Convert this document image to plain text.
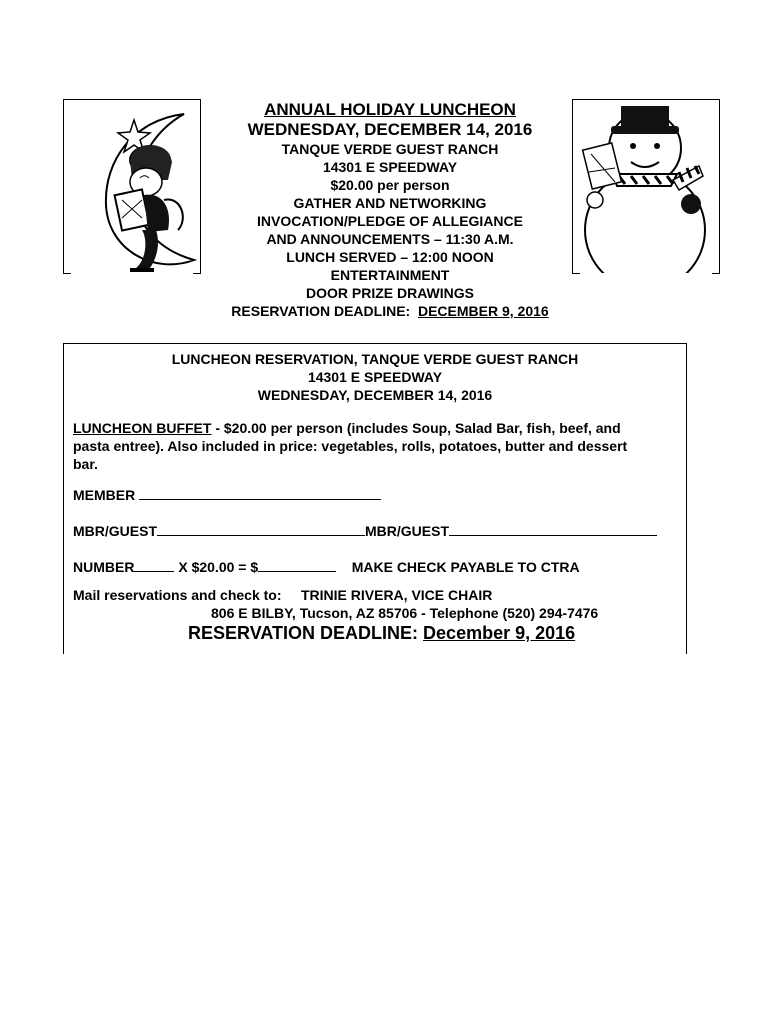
ANNUAL HOLIDAY LUNCHEON
WEDNESDAY, DECEMBER 14, 2016
TANQUE VERDE GUEST RANCH
14301 E SPEEDWAY
$20.00 per person
GATHER AND NETWORKING
INVOCATION/PLEDGE OF ALLEGIANCE
AND ANNOUNCEMENTS – 11:30 A.M.
LUNCH SERVED – 12:00 NOON
ENTERTAINMENT
DOOR PRIZE DRAWINGS
RESERVATION DEADLINE: DECEMBER 9, 2016
LUNCHEON RESERVATION, TANQUE VERDE GUEST RANCH
14301 E SPEEDWAY
WEDNESDAY, DECEMBER 14, 2016
LUNCHEON BUFFET - $20.00 per person (includes Soup, Salad Bar, fish, beef, and
pasta entree). Also included in price: vegetables, rolls, potatoes, butter and dessert
bar.
MEMBER
MBR/GUEST	MBR/GUEST
NUMBER	X $20.00 = $	MAKE CHECK PAYABLE TO CTRA
Mail reservations and check to: TRINIE RIVERA, VICE CHAIR
806 E BILBY, Tucson, AZ 85706 - Telephone (520) 294-7476
RESERVATION DEADLINE: December 9, 2016
